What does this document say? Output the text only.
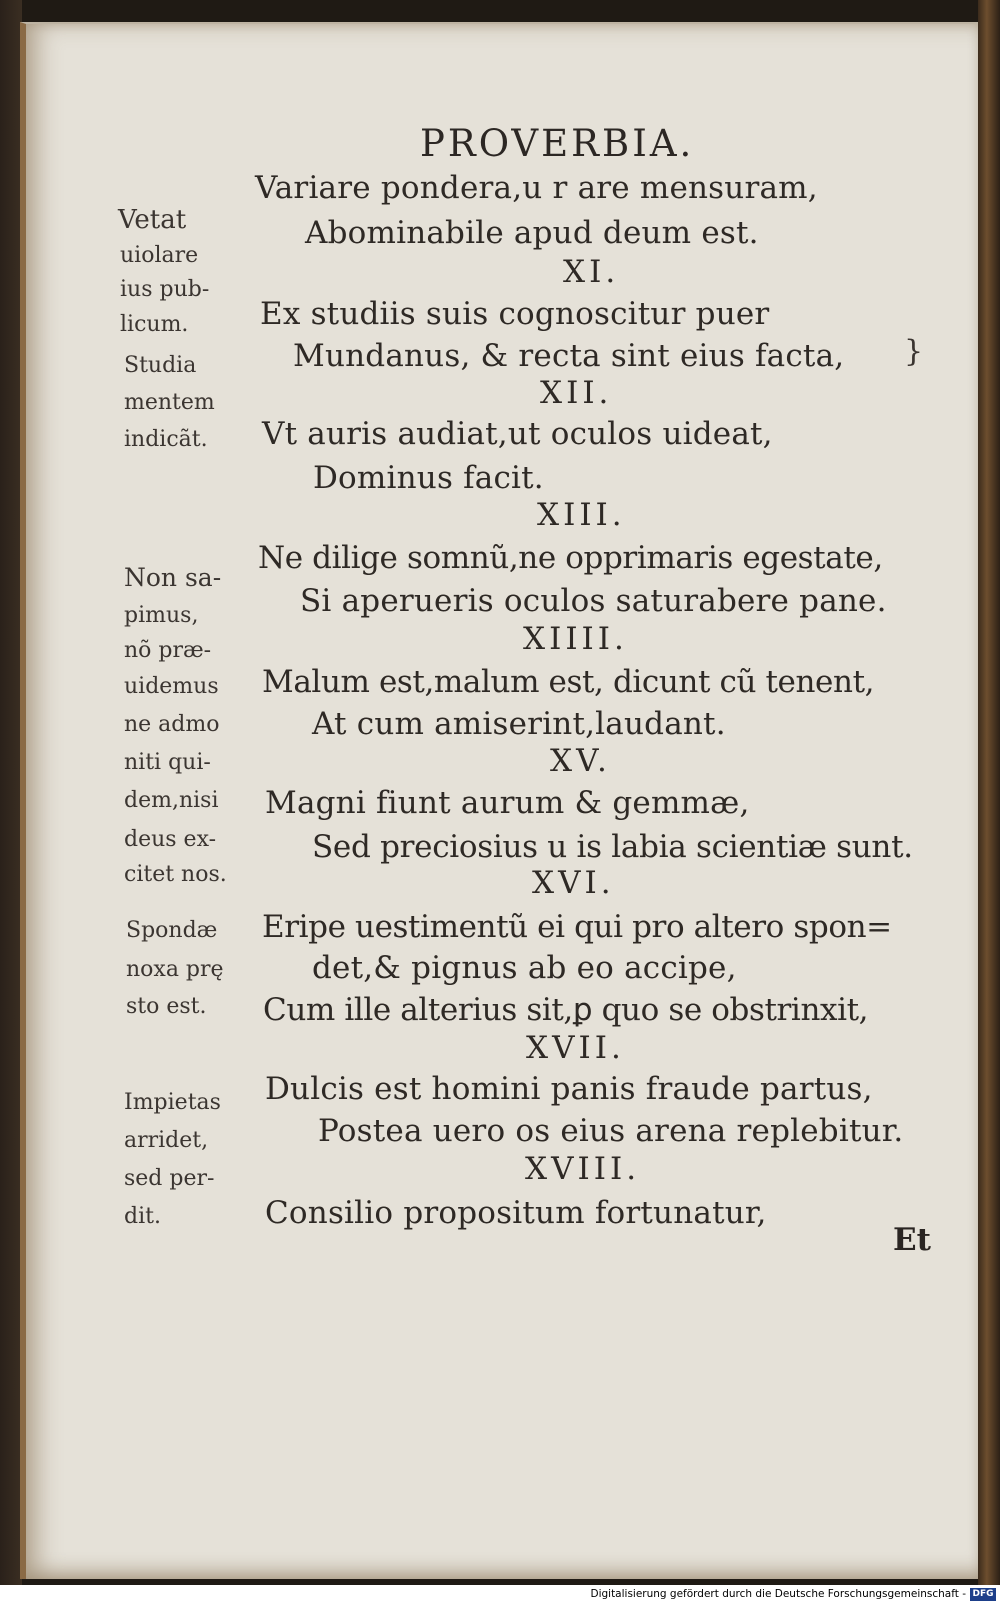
PROVERBIA.
Variare pondera,u r are mensuram,
Abominabile apud deum est.
XI.
Ex studiis suis cognoscitur puer
Mundanus, & recta sint eius facta,
XII.
Vt auris audiat,ut oculos uideat,
Dominus facit.
XIII.
Ne dilige somnũ,ne opprimaris egestate,
Si aperueris oculos saturabere pane.
XIIII.
Malum est,malum est, dicunt cũ tenent,
At cum amiserint,laudant.
XV.
Magni fiunt aurum & gemmæ,
Sed preciosius u is labia scientiæ sunt.
XVI.
Eripe uestimentũ ei qui pro altero spon=
det,& pignus ab eo accipe,
Cum ille alterius sit,ꝑ quo se obstrinxit,
XVII.
Dulcis est homini panis fraude partus,
Postea uero os eius arena replebitur.
XVIII.
Consilio propositum fortunatur,
Vetat
uiolare
ius pub-
licum.
Studia
mentem
indicãt.
Non sa-
pimus,
nõ præ-
uidemus
ne admo
niti qui-
dem,nisi
deus ex-
citet nos.
Spondæ
noxa prę
sto est.
Impietas
arridet,
sed per-
dit.
}
Et
Digitalisierung gefördert durch die Deutsche Forschungsgemeinschaft - DFG
